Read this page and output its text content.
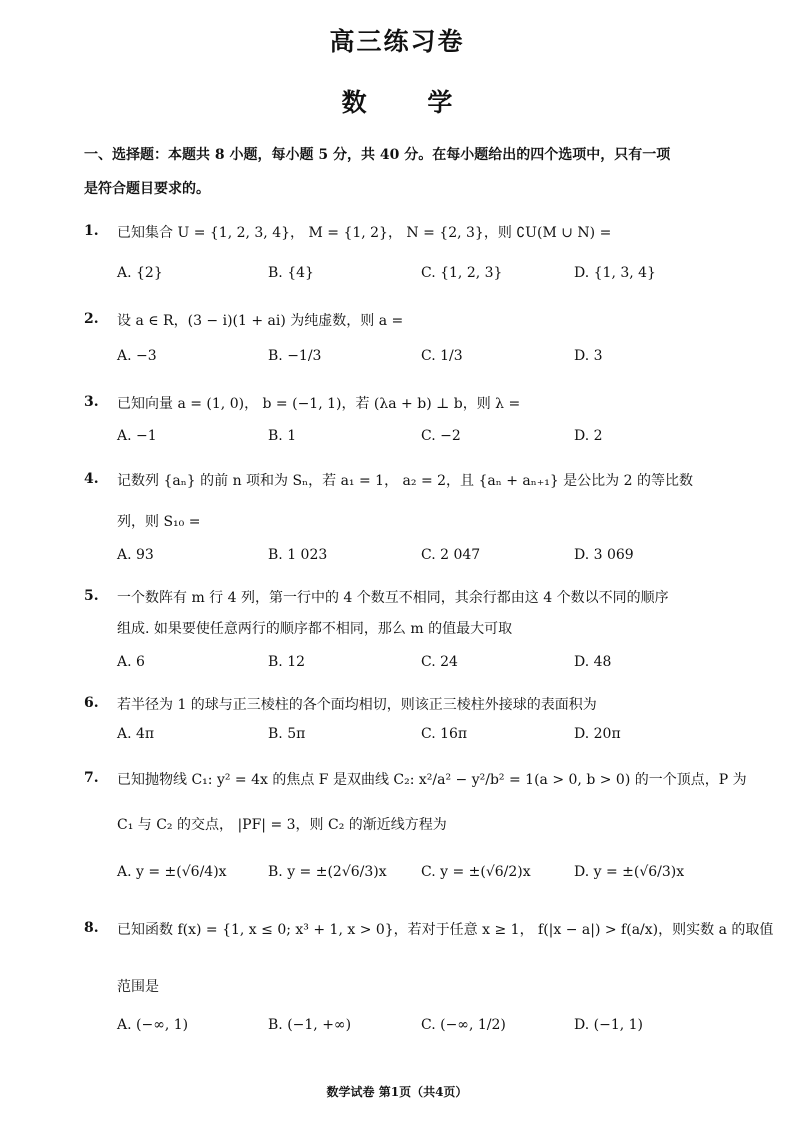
高三练习卷
数 学
一、选择题：本题共 8 小题，每小题 5 分，共 40 分。在每小题给出的四个选项中，只有一项
是符合题目要求的。
1. 已知集合 U = {1, 2, 3, 4}， M = {1, 2}， N = {2, 3}，则 ∁U(M ∪ N) =
A. {2}	B. {4}	C. {1, 2, 3}	D. {1, 3, 4}
2. 设 a ∈ R，(3 − i)(1 + ai) 为纯虚数，则 a =
A. −3	B. −1/3	C. 1/3	D. 3
3. 已知向量 a = (1, 0)， b = (−1, 1)，若 (λa + b) ⊥ b，则 λ =
A. −1	B. 1	C. −2	D. 2
4. 记数列 {aₙ} 的前 n 项和为 Sₙ，若 a₁ = 1， a₂ = 2，且 {aₙ + aₙ₊₁} 是公比为 2 的等比数
列，则 S₁₀ =
A. 93	B. 1 023	C. 2 047	D. 3 069
5. 一个数阵有 m 行 4 列，第一行中的 4 个数互不相同，其余行都由这 4 个数以不同的顺序
组成. 如果要使任意两行的顺序都不相同，那么 m 的值最大可取
A. 6	B. 12	C. 24	D. 48
6. 若半径为 1 的球与正三棱柱的各个面均相切，则该正三棱柱外接球的表面积为
A. 4π	B. 5π	C. 16π	D. 20π
7. 已知抛物线 C₁: y² = 4x 的焦点 F 是双曲线 C₂: x²/a² − y²/b² = 1(a > 0, b > 0) 的一个顶点，P 为
C₁ 与 C₂ 的交点， |PF| = 3，则 C₂ 的渐近线方程为
A. y = ±(√6/4)x	B. y = ±(2√6/3)x C. y = ±(√6/2)x	D. y = ±(√6/3)x
8. 已知函数 f(x) = {1, x ≤ 0; x³ + 1, x > 0}，若对于任意 x ≥ 1， f(|x − a|) > f(a/x)，则实数 a 的取值
范围是
A. (−∞, 1)	B. (−1, +∞)	C. (−∞, 1/2)	D. (−1, 1)
数学试卷 第1页（共4页）
